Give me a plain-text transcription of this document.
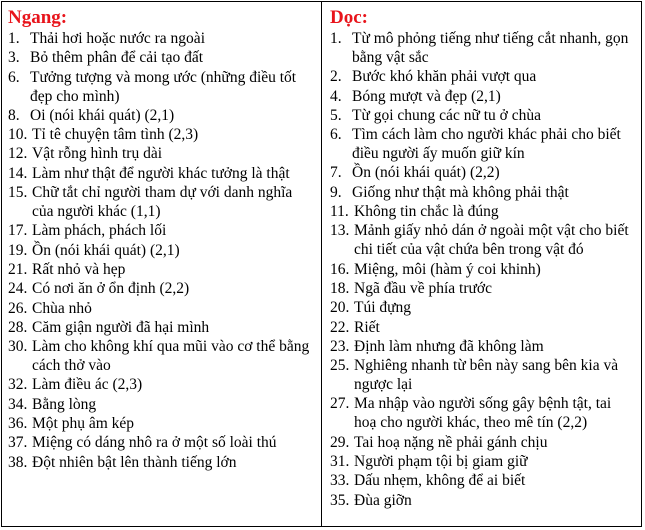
Ngang:
1. Thải hơi hoặc nước ra ngoài
3. Bỏ thêm phân để cải tạo đất
6. Tưởng tượng và mong ước (những điều tốt đẹp cho mình)
8. Oi (nói khái quát) (2,1)
10. Tỉ tê chuyện tâm tình (2,3)
12. Vật rỗng hình trụ dài
14. Làm như thật để người khác tưởng là thật
15. Chữ tắt chỉ người tham dự với danh nghĩa của người khác (1,1)
17. Làm phách, phách lối
19. Ồn (nói khái quát) (2,1)
21. Rất nhỏ và hẹp
24. Có nơi ăn ở ổn định (2,2)
26. Chùa nhỏ
28. Căm giận người đã hại mình
30. Làm cho không khí qua mũi vào cơ thể bằng cách thở vào
32. Làm điều ác (2,3)
34. Bằng lòng
36. Một phụ âm kép
37. Miệng có dáng nhô ra ở một số loài thú
38. Đột nhiên bật lên thành tiếng lớn
Dọc:
1. Từ mô phỏng tiếng như tiếng cắt nhanh, gọn bằng vật sắc
2. Bước khó khăn phải vượt qua
4. Bóng mượt và đẹp (2,1)
5. Từ gọi chung các nữ tu ở chùa
6. Tìm cách làm cho người khác phải cho biết điều người ấy muốn giữ kín
7. Ồn (nói khái quát) (2,2)
9. Giống như thật mà không phải thật
11. Không tin chắc là đúng
13. Mảnh giấy nhỏ dán ở ngoài một vật cho biết chi tiết của vật chứa bên trong vật đó
16. Miệng, môi (hàm ý coi khinh)
18. Ngã đầu về phía trước
20. Túi đựng
22. Riết
23. Định làm nhưng đã không làm
25. Nghiêng nhanh từ bên này sang bên kia và ngược lại
27. Ma nhập vào người sống gây bệnh tật, tai hoạ cho người khác, theo mê tín (2,2)
29. Tai hoạ nặng nề phải gánh chịu
31. Người phạm tội bị giam giữ
33. Dấu nhẹm, không để ai biết
35. Đùa giỡn
